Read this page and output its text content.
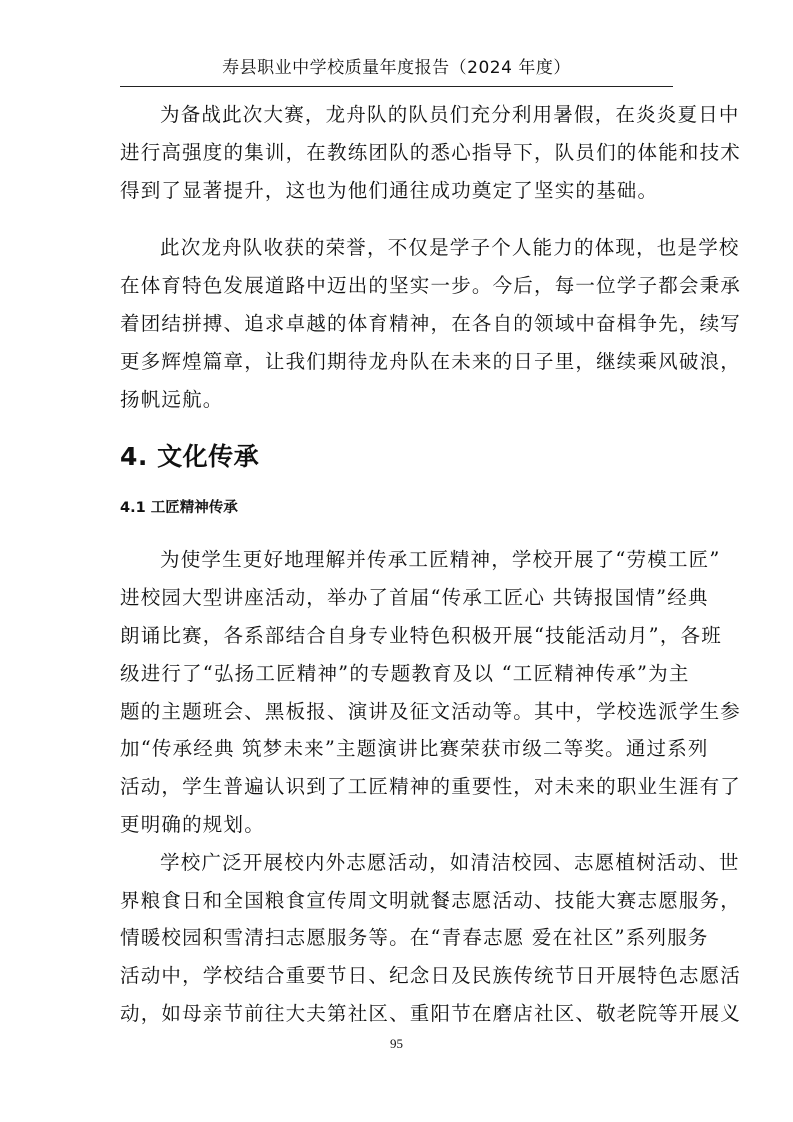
寿县职业中学校质量年度报告（2024 年度）
为备战此次大赛，龙舟队的队员们充分利用暑假，在炎炎夏日中
进行高强度的集训，在教练团队的悉心指导下，队员们的体能和技术
得到了显著提升，这也为他们通往成功奠定了坚实的基础。
此次龙舟队收获的荣誉，不仅是学子个人能力的体现，也是学校
在体育特色发展道路中迈出的坚实一步。今后，每一位学子都会秉承
着团结拼搏、追求卓越的体育精神，在各自的领域中奋楫争先，续写
更多辉煌篇章，让我们期待龙舟队在未来的日子里，继续乘风破浪，
扬帆远航。
4. 文化传承
4.1 工匠精神传承
为使学生更好地理解并传承工匠精神，学校开展了“劳模工匠”
进校园大型讲座活动，举办了首届“传承工匠心 共铸报国情”经典
朗诵比赛，各系部结合自身专业特色积极开展“技能活动月”，各班
级进行了“弘扬工匠精神”的专题教育及以 “工匠精神传承”为主
题的主题班会、黑板报、演讲及征文活动等。其中，学校选派学生参
加“传承经典 筑梦未来”主题演讲比赛荣获市级二等奖。通过系列
活动，学生普遍认识到了工匠精神的重要性，对未来的职业生涯有了
更明确的规划。
学校广泛开展校内外志愿活动，如清洁校园、志愿植树活动、世
界粮食日和全国粮食宣传周文明就餐志愿活动、技能大赛志愿服务，
情暖校园积雪清扫志愿服务等。在“青春志愿 爱在社区”系列服务
活动中，学校结合重要节日、纪念日及民族传统节日开展特色志愿活
动，如母亲节前往大夫第社区、重阳节在磨店社区、敬老院等开展义
95
